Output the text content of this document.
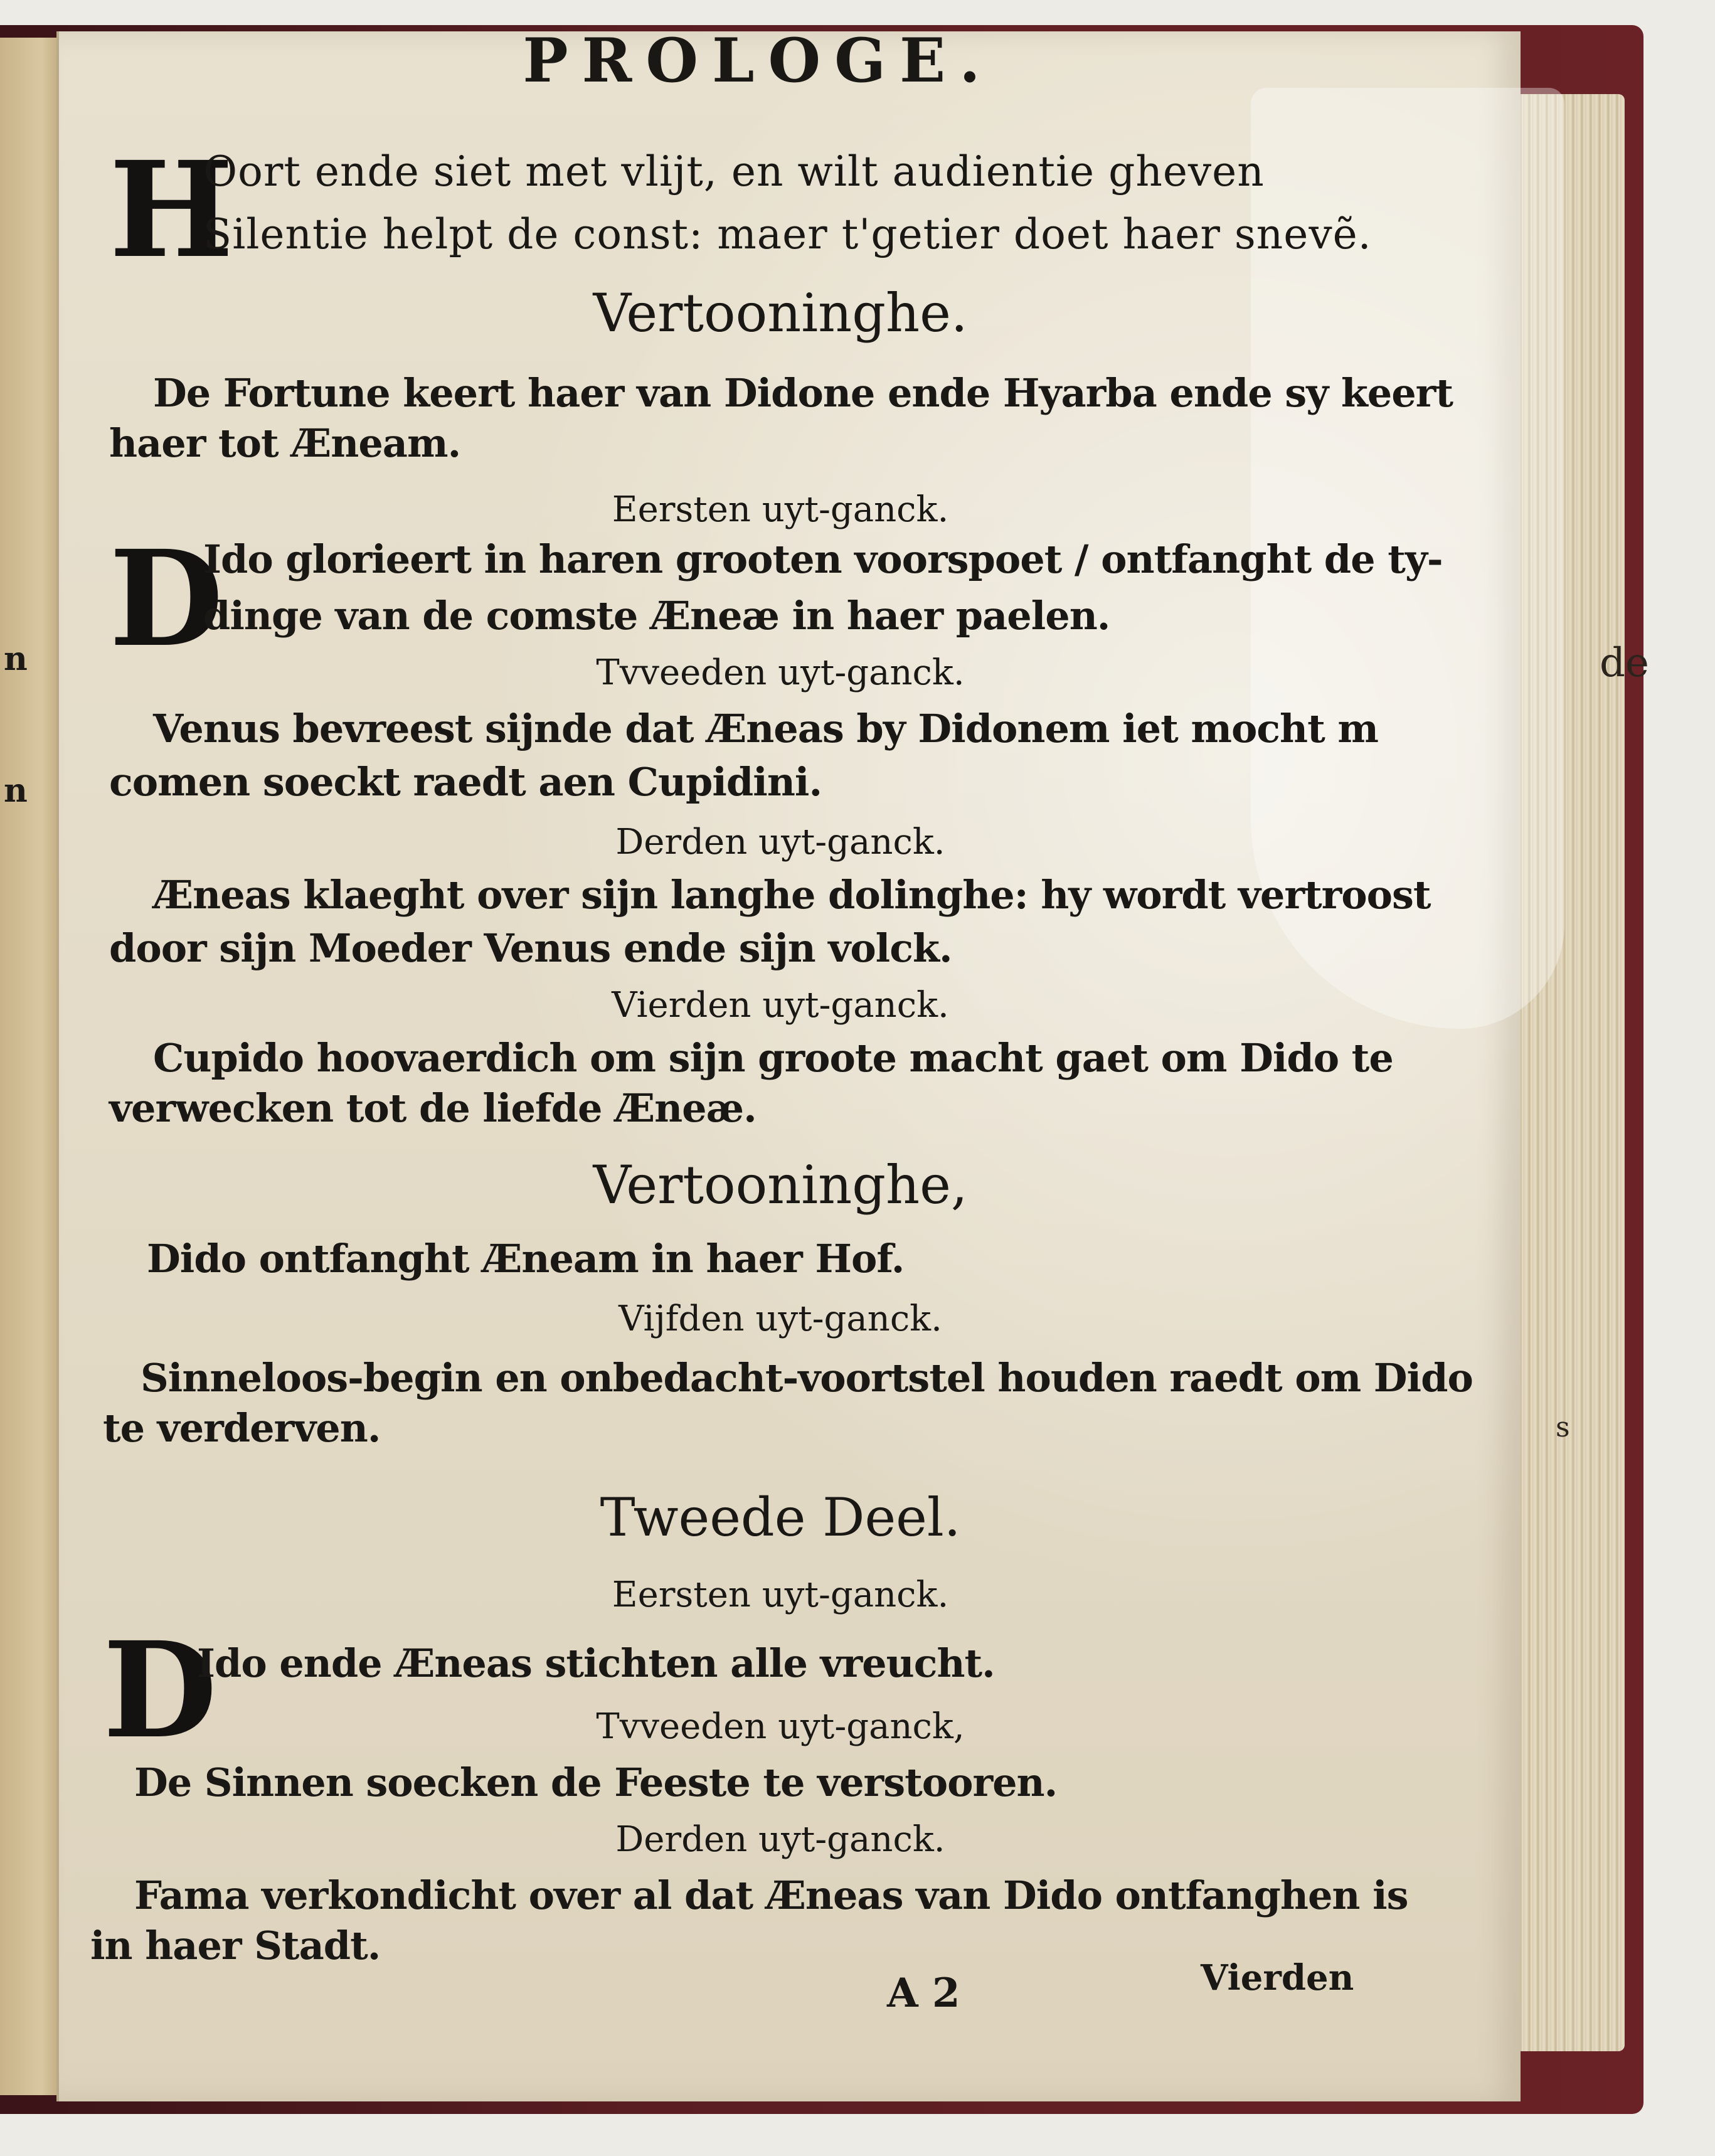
n
n
de
s
PROLOGE.
H
Oort ende siet met vlijt, en wilt audientie gheven
Silentie helpt de const: maer t'getier doet haer snevẽ.
Vertooninghe.
De Fortune keert haer van Didone ende Hyarba ende sy keert
haer tot Æneam.
Eersten uyt-ganck.
D
Ido glorieert in haren grooten voorspoet / ontfanght de ty-
dinge van de comste Æneæ in haer paelen.
Tvveeden uyt-ganck.
Venus bevreest sijnde dat Æneas by Didonem iet mocht m
comen soeckt raedt aen Cupidini.
Derden uyt-ganck.
Æneas klaeght over sijn langhe dolinghe: hy wordt vertroost
door sijn Moeder Venus ende sijn volck.
Vierden uyt-ganck.
Cupido hoovaerdich om sijn groote macht gaet om Dido te
verwecken tot de liefde Æneæ.
Vertooninghe,
Dido ontfanght Æneam in haer Hof.
Vijfden uyt-ganck.
Sinneloos-begin en onbedacht-voortstel houden raedt om Dido
te verderven.
Tweede Deel.
Eersten uyt-ganck.
D
Ido ende Æneas stichten alle vreucht.
Tvveeden uyt-ganck,
De Sinnen soecken de Feeste te verstooren.
Derden uyt-ganck.
Fama verkondicht over al dat Æneas van Dido ontfanghen is
in haer Stadt.
A 2	Vierden
